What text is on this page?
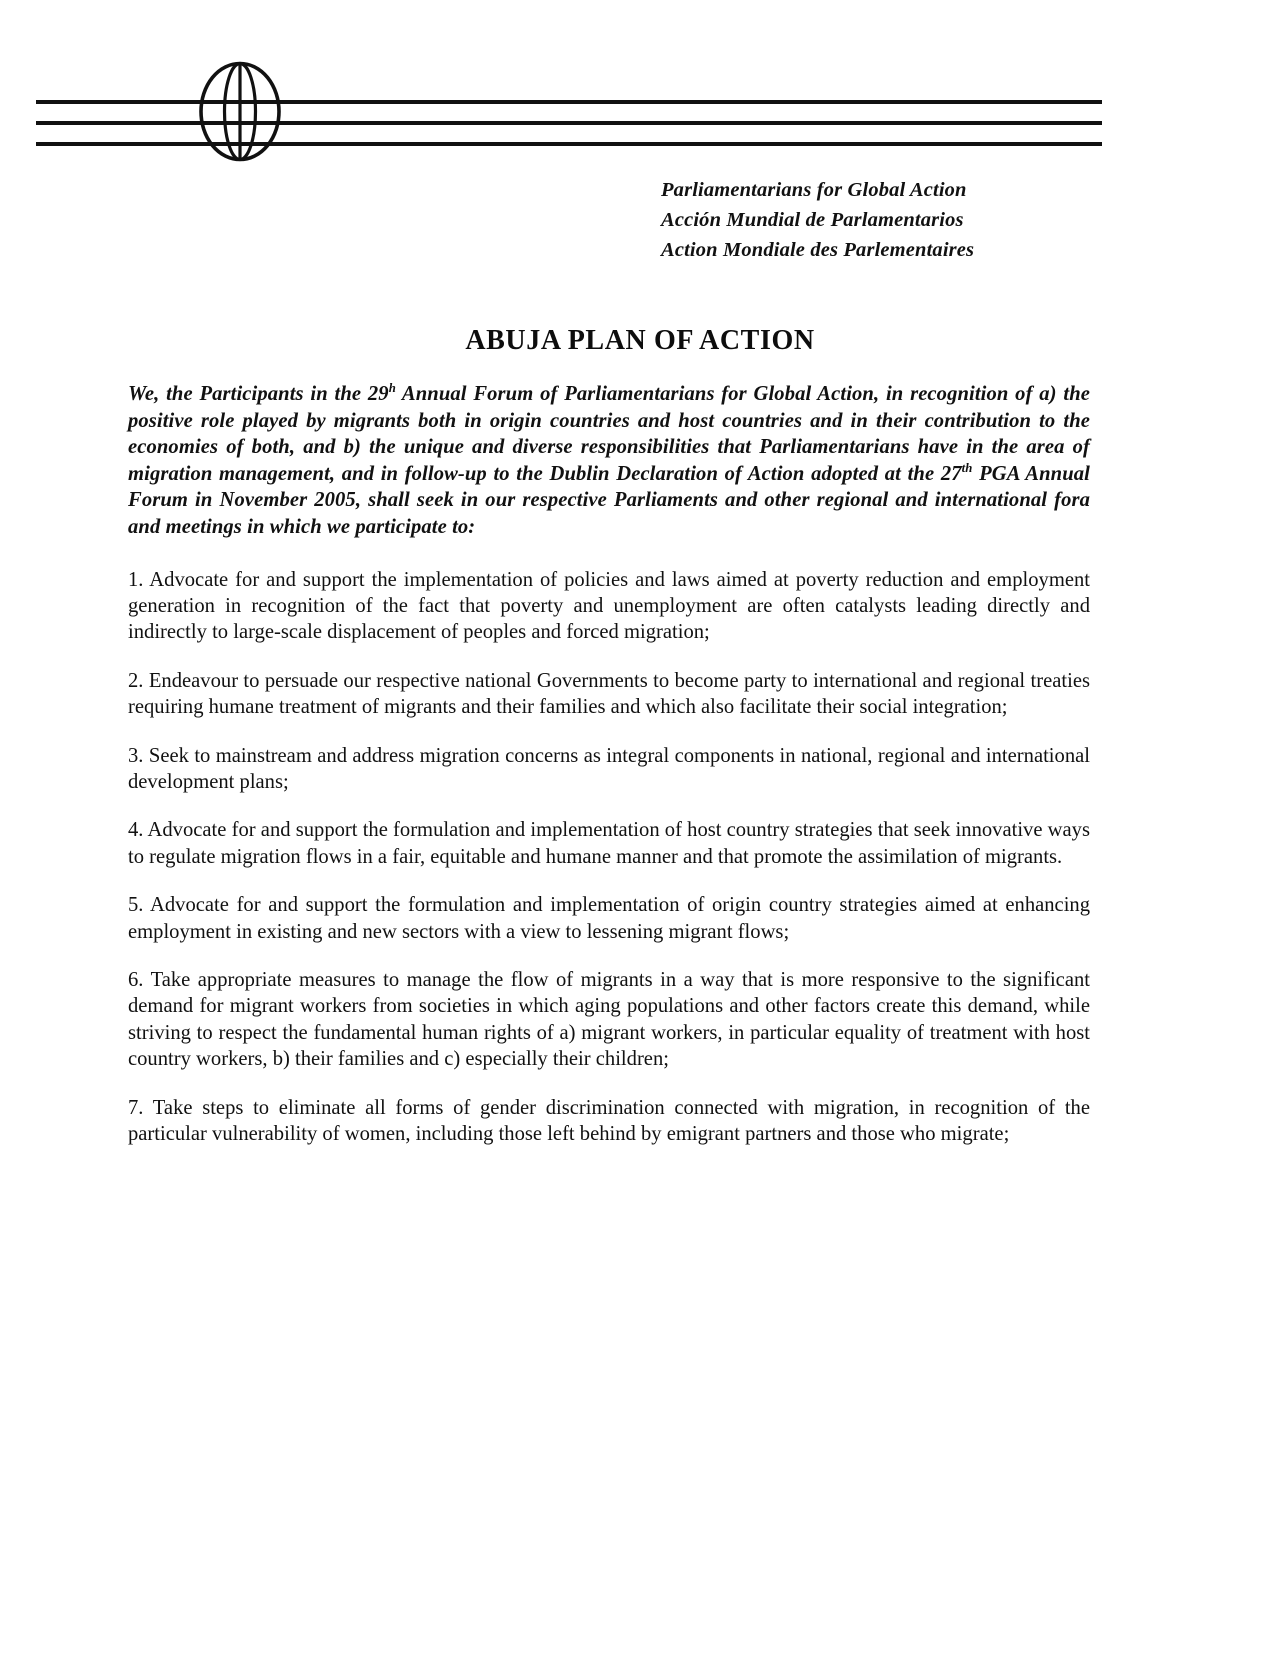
Parliamentarians for Global Action
Acción Mundial de Parlamentarios
Action Mondiale des Parlementaires
ABUJA PLAN OF ACTION

We, the Participants in the 29$^h$ Annual Forum of Parliamentarians for Global Action, in recognition of a) the positive role played by migrants both in origin countries and host countries and in their contribution to the economies of both, and b) the unique and diverse responsibilities that Parliamentarians have in the area of migration management, and in follow-up to the Dublin Declaration of Action adopted at the 27th PGA Annual Forum in November 2005, shall seek in our respective Parliaments and other regional and international fora and meetings in which we participate to:

1. Advocate for and support the implementation of policies and laws aimed at poverty reduction and employment generation in recognition of the fact that poverty and unemployment are often catalysts leading directly and indirectly to large-scale displacement of peoples and forced migration;

2. Endeavour to persuade our respective national Governments to become party to international and regional treaties requiring humane treatment of migrants and their families and which also facilitate their social integration;

3. Seek to mainstream and address migration concerns as integral components in national, regional and international development plans;

4. Advocate for and support the formulation and implementation of host country strategies that seek innovative ways to regulate migration flows in a fair, equitable and humane manner and that promote the assimilation of migrants.

5. Advocate for and support the formulation and implementation of origin country strategies aimed at enhancing employment in existing and new sectors with a view to lessening migrant flows;

6. Take appropriate measures to manage the flow of migrants in a way that is more responsive to the significant demand for migrant workers from societies in which aging populations and other factors create this demand, while striving to respect the fundamental human rights of a) migrant workers, in particular equality of treatment with host country workers, b) their families and c) especially their children;

7. Take steps to eliminate all forms of gender discrimination connected with migration, in recognition of the particular vulnerability of women, including those left behind by emigrant partners and those who migrate;
